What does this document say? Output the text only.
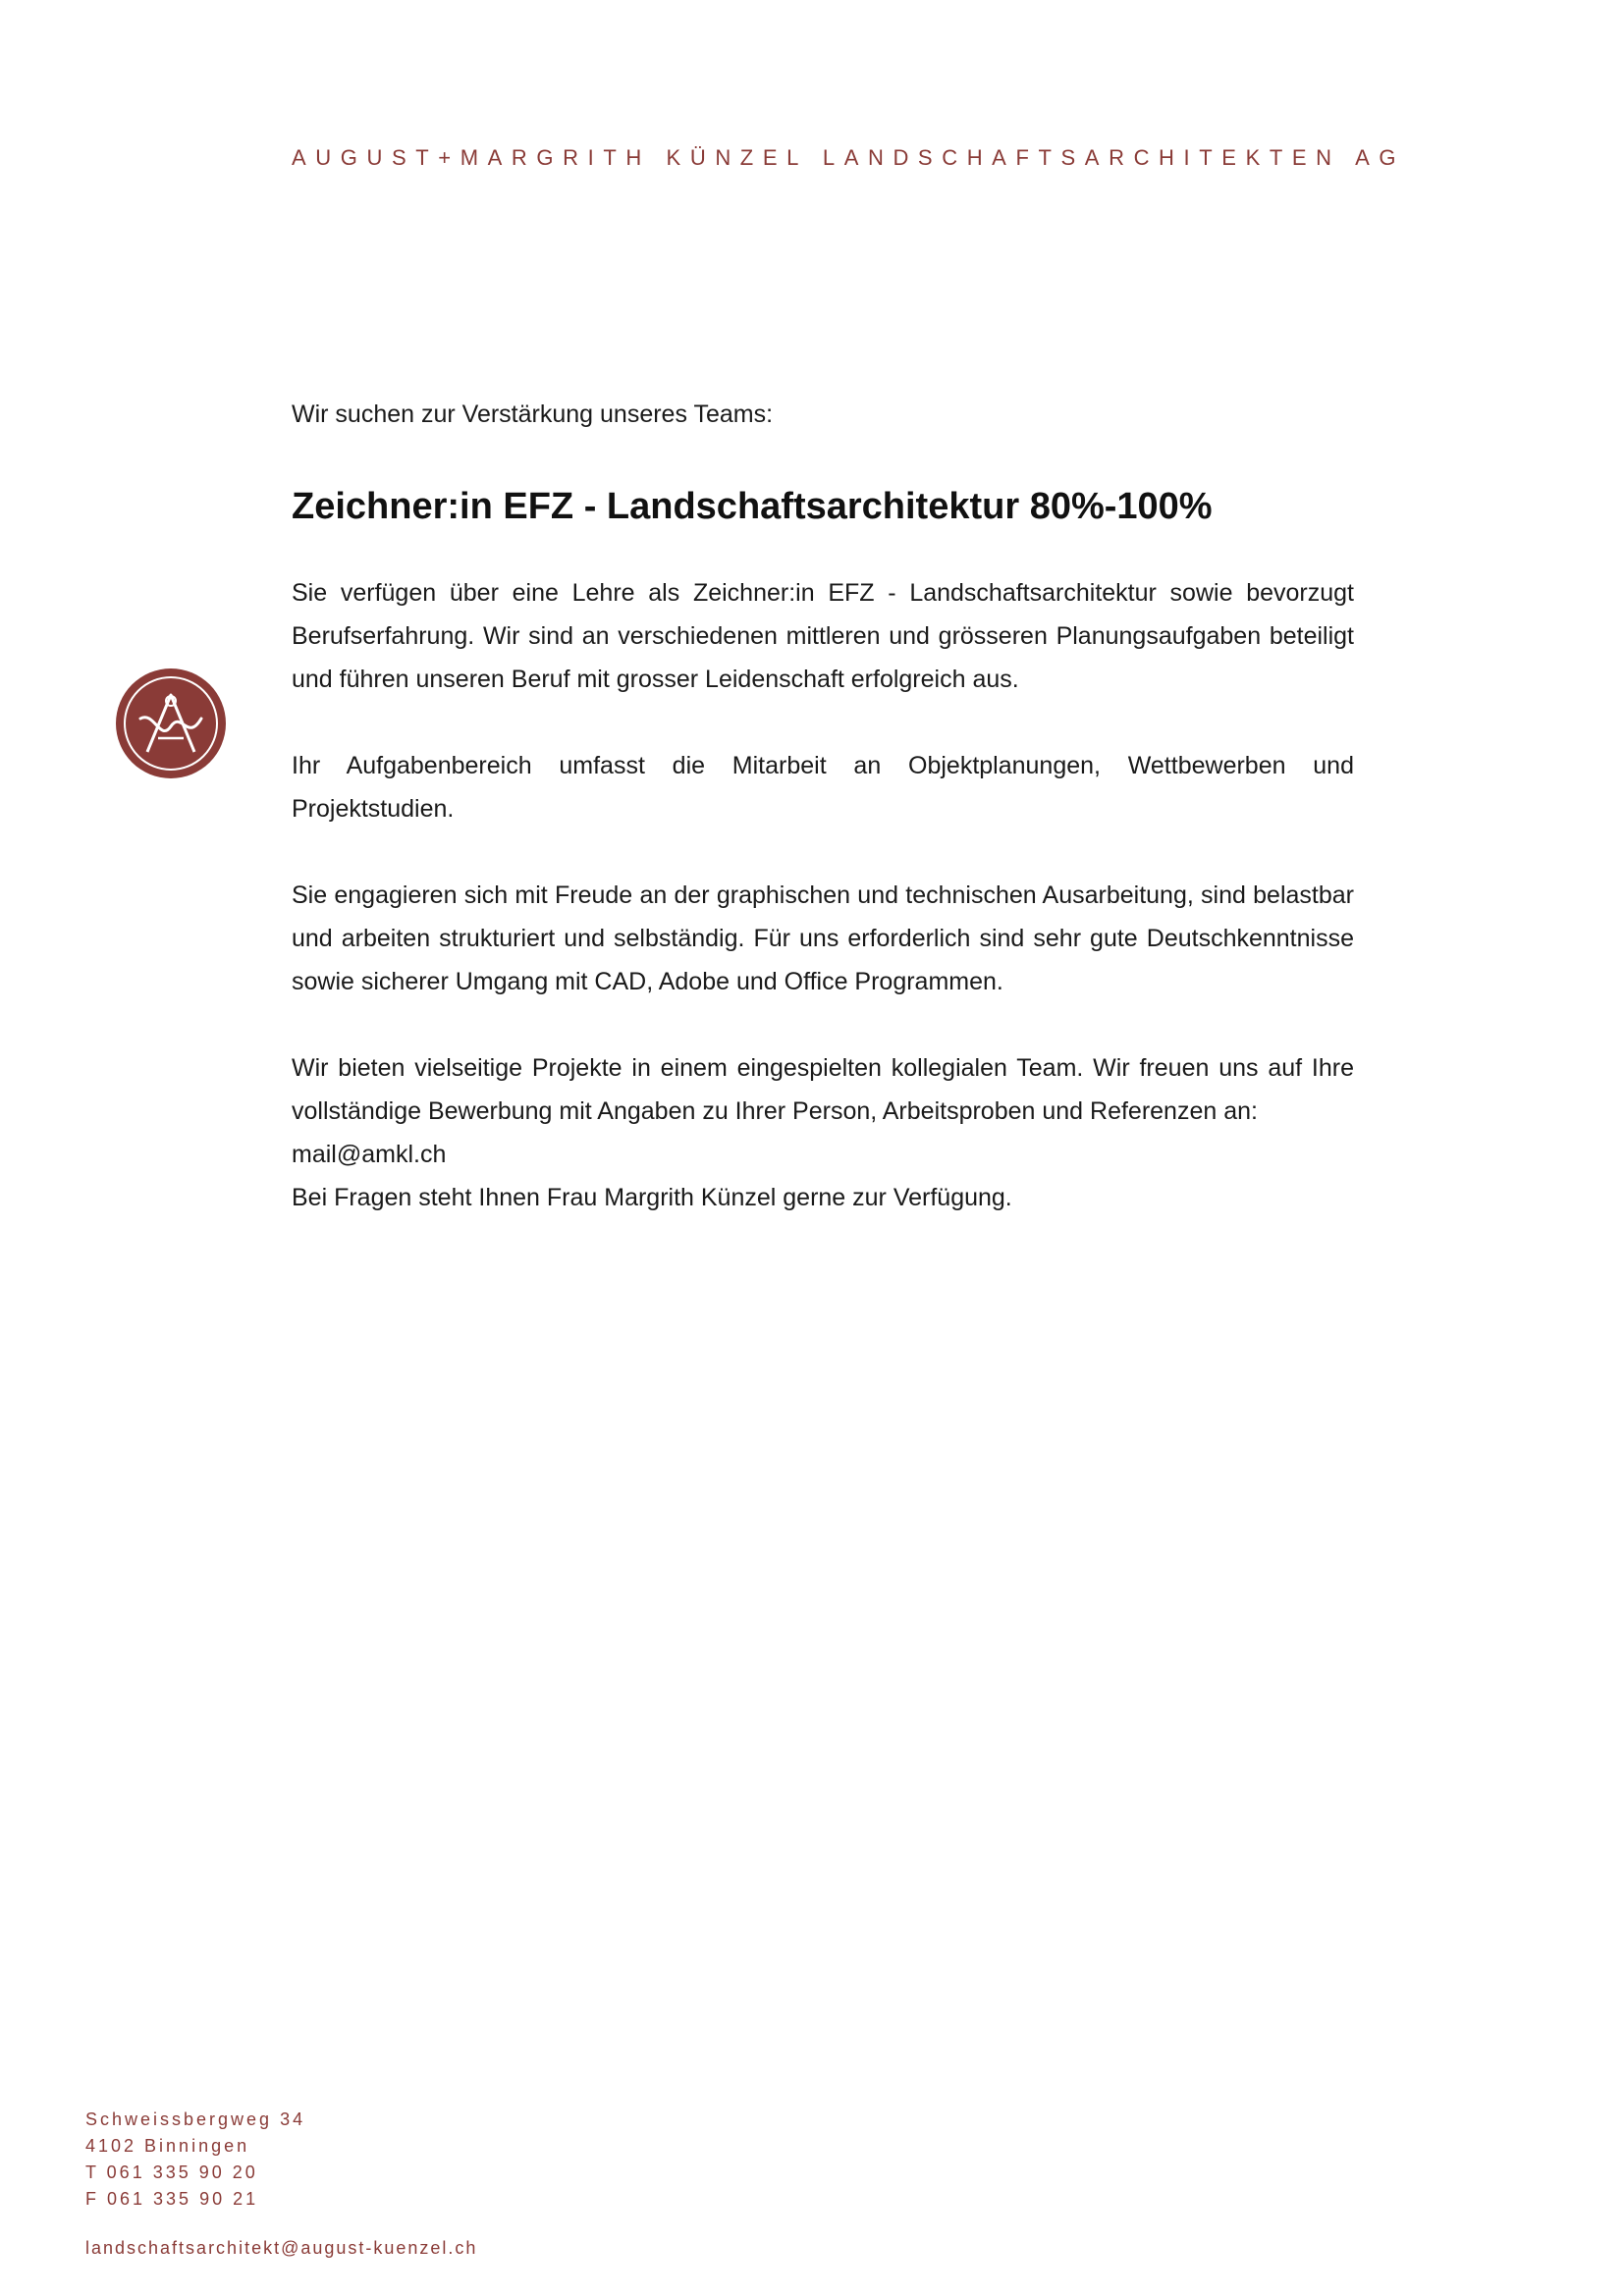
AUGUST+MARGRITH KÜNZEL LANDSCHAFTSARCHITEKTEN AG

Wir suchen zur Verstärkung unseres Teams:

Zeichner:in EFZ - Landschaftsarchitektur 80%-100%

Sie verfügen über eine Lehre als Zeichner:in EFZ - Landschaftsarchitektur sowie bevorzugt Berufserfahrung. Wir sind an verschiedenen mittleren und grösseren Planungsaufgaben beteiligt und führen unseren Beruf mit grosser Leidenschaft erfolgreich aus.

Ihr Aufgabenbereich umfasst die Mitarbeit an Objektplanungen, Wettbewerben und Projektstudien.

Sie engagieren sich mit Freude an der graphischen und technischen Ausarbeitung, sind belastbar und arbeiten strukturiert und selbständig. Für uns erforderlich sind sehr gute Deutschkenntnisse sowie sicherer Umgang mit CAD, Adobe und Office Programmen.

Wir bieten vielseitige Projekte in einem eingespielten kollegialen Team. Wir freuen uns auf Ihre vollständige Bewerbung mit Angaben zu Ihrer Person, Arbeitsproben und Referenzen an:

mail@amkl.ch
Bei Fragen steht Ihnen Frau Margrith Künzel gerne zur Verfügung.
Schweissbergweg 34
4102 Binningen
T 061 335 90 20
F 061 335 90 21
landschaftsarchitekt@august-kuenzel.ch
